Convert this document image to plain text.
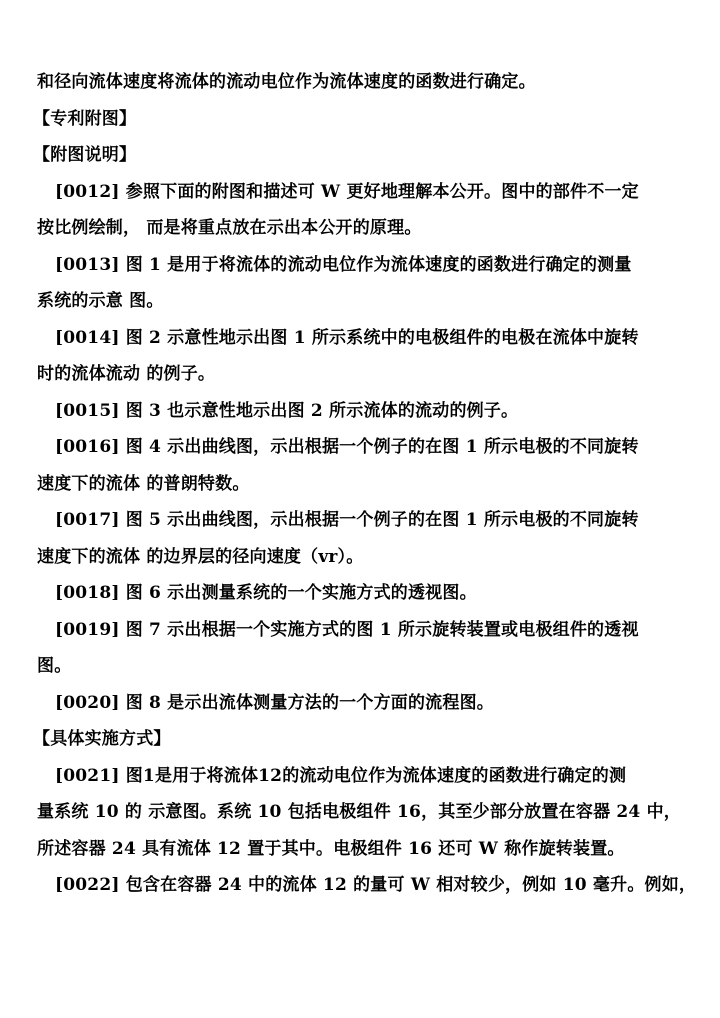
和径向流体速度将流体的流动电位作为流体速度的函数进行确定。
【专利附图】
【附图说明】
[0012] 参照下面的附图和描述可 W 更好地理解本公开。图中的部件不一定
按比例绘制， 而是将重点放在示出本公开的原理。
[0013] 图 1 是用于将流体的流动电位作为流体速度的函数进行确定的测量
系统的示意 图。
[0014] 图 2 示意性地示出图 1 所示系统中的电极组件的电极在流体中旋转
时的流体流动 的例子。
[0015] 图 3 也示意性地示出图 2 所示流体的流动的例子。
[0016] 图 4 示出曲线图，示出根据一个例子的在图 1 所示电极的不同旋转
速度下的流体 的普朗特数。
[0017] 图 5 示出曲线图，示出根据一个例子的在图 1 所示电极的不同旋转
速度下的流体 的边界层的径向速度（vr）。
[0018] 图 6 示出测量系统的一个实施方式的透视图。
[0019] 图 7 示出根据一个实施方式的图 1 所示旋转装置或电极组件的透视
图。
[0020] 图 8 是示出流体测量方法的一个方面的流程图。
【具体实施方式】
[0021] 图1是用于将流体12的流动电位作为流体速度的函数进行确定的测
量系统 10 的 示意图。系统 10 包括电极组件 16，其至少部分放置在容器 24 中，
所述容器 24 具有流体 12 置于其中。电极组件 16 还可 W 称作旋转装置。
[0022] 包含在容器 24 中的流体 12 的量可 W 相对较少，例如 10 毫升。例如，
